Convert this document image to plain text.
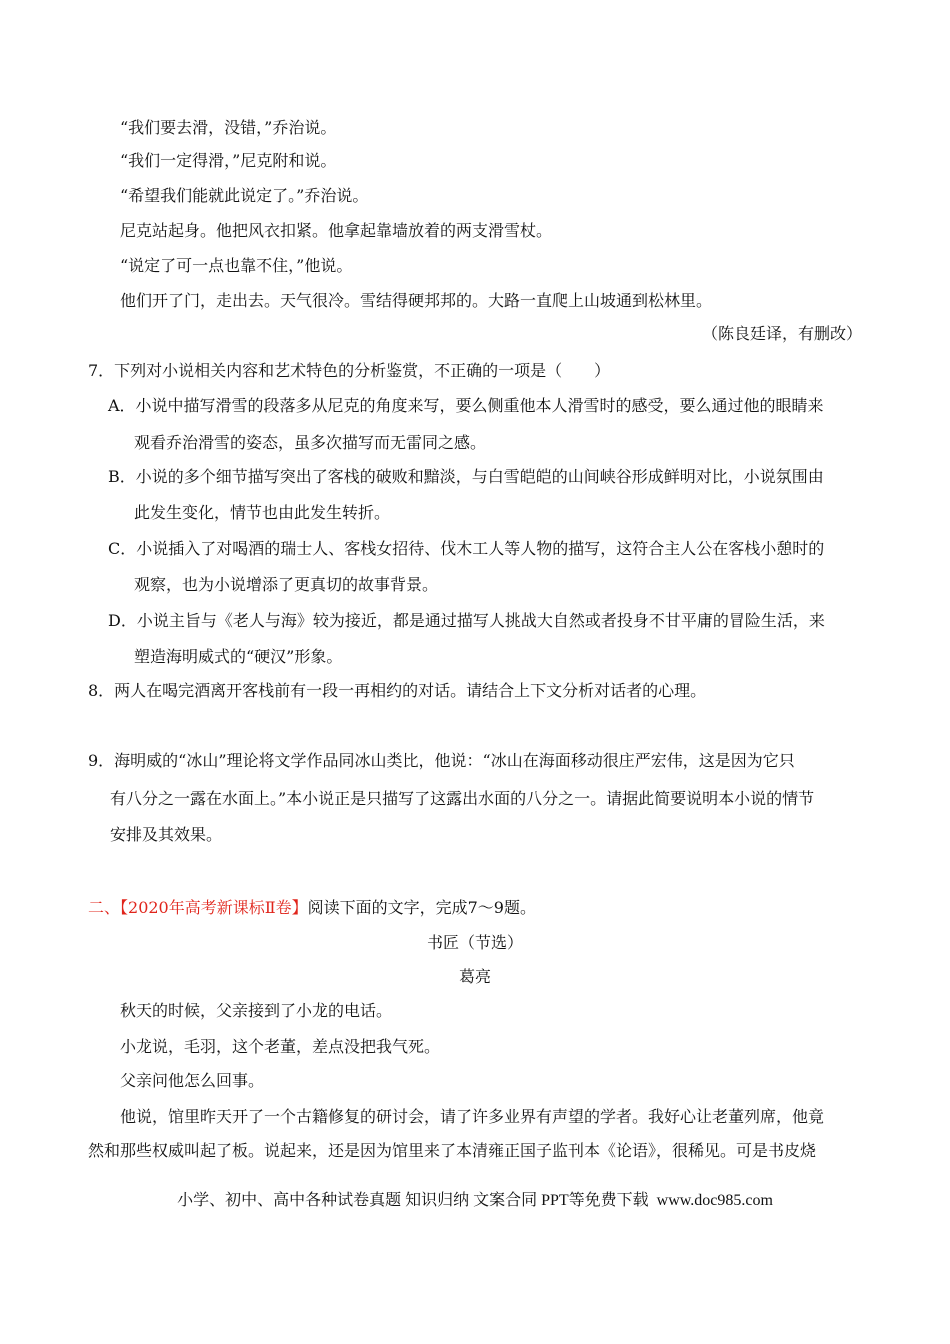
“我们要去滑，没错，”乔治说。
“我们一定得滑，”尼克附和说。
“希望我们能就此说定了。”乔治说。
尼克站起身。他把风衣扣紧。他拿起靠墙放着的两支滑雪杖。
“说定了可一点也靠不住，”他说。
他们开了门，走出去。天气很冷。雪结得硬邦邦的。大路一直爬上山坡通到松林里。
（陈良廷译，有删改）
7．下列对小说相关内容和艺术特色的分析鉴赏，不正确的一项是（　　）
A．小说中描写滑雪的段落多从尼克的角度来写，要么侧重他本人滑雪时的感受，要么通过他的眼睛来
观看乔治滑雪的姿态，虽多次描写而无雷同之感。
B．小说的多个细节描写突出了客栈的破败和黯淡，与白雪皑皑的山间峡谷形成鲜明对比，小说氛围由
此发生变化，情节也由此发生转折。
C．小说插入了对喝酒的瑞士人、客栈女招待、伐木工人等人物的描写，这符合主人公在客栈小憩时的
观察，也为小说增添了更真切的故事背景。
D．小说主旨与《老人与海》较为接近，都是通过描写人挑战大自然或者投身不甘平庸的冒险生活，来
塑造海明威式的“硬汉”形象。
8．两人在喝完酒离开客栈前有一段一再相约的对话。请结合上下文分析对话者的心理。
9．海明威的“冰山”理论将文学作品同冰山类比，他说：“冰山在海面移动很庄严宏伟，这是因为它只
有八分之一露在水面上。”本小说正是只描写了这露出水面的八分之一。请据此简要说明本小说的情节
安排及其效果。
二、【2020年高考新课标Ⅱ卷】阅读下面的文字，完成7～9题。
书匠（节选）
葛亮
秋天的时候，父亲接到了小龙的电话。
小龙说，毛羽，这个老董，差点没把我气死。
父亲问他怎么回事。
他说，馆里昨天开了一个古籍修复的研讨会，请了许多业界有声望的学者。我好心让老董列席，他竟
然和那些权威叫起了板。说起来，还是因为馆里来了本清雍正国子监刊本《论语》，很稀见。可是书皮烧
小学、初中、高中各种试卷真题 知识归纳 文案合同 PPT等免费下载 www.doc985.com
